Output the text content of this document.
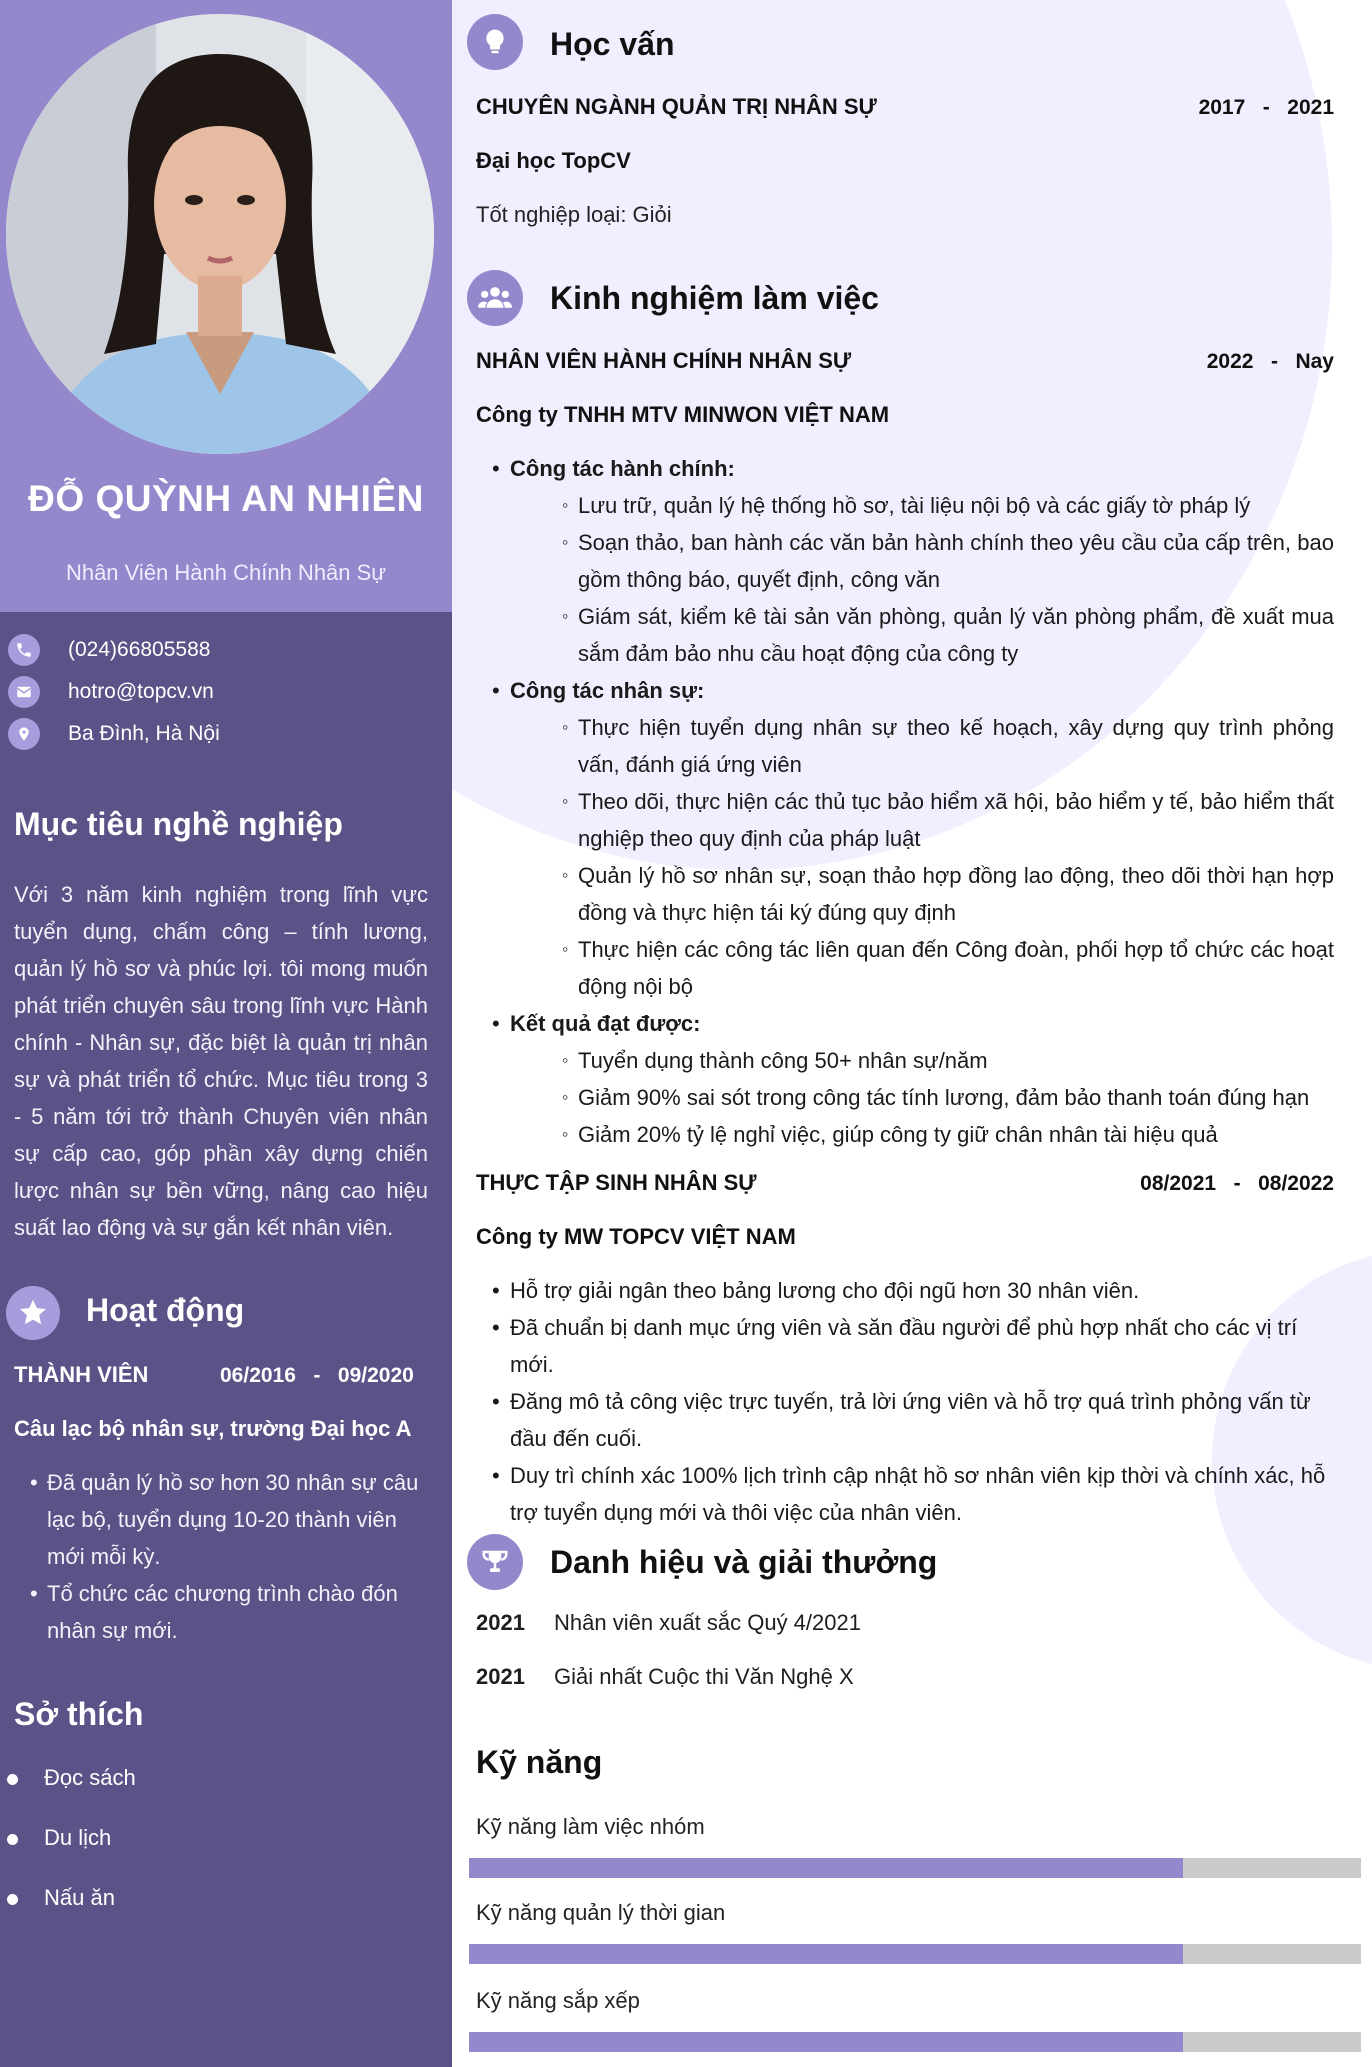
ĐỖ QUỲNH AN NHIÊN
Nhân Viên Hành Chính Nhân Sự
(024)66805588
hotro@topcv.vn
Ba Đình, Hà Nội
Mục tiêu nghề nghiệp

Với 3 năm kinh nghiệm trong lĩnh vực tuyển dụng, chấm công – tính lương, quản lý hồ sơ và phúc lợi. tôi mong muốn phát triển chuyên sâu trong lĩnh vực Hành chính - Nhân sự, đặc biệt là quản trị nhân sự và phát triển tổ chức. Mục tiêu trong 3 - 5 năm tới trở thành Chuyên viên nhân sự cấp cao, góp phần xây dựng chiến lược nhân sự bền vững, nâng cao hiệu suất lao động và sự gắn kết nhân viên.

Hoạt động
THÀNH VIÊN	06/2016   -   09/2020
Câu lạc bộ nhân sự, trường Đại học A
• Đã quản lý hồ sơ hơn 30 nhân sự câu lạc bộ, tuyển dụng 10-20 thành viên mới mỗi kỳ.
• Tổ chức các chương trình chào đón nhân sự mới.
Sở thích
Đọc sách
Du lịch
Nấu ăn
Học vấn
CHUYÊN NGÀNH QUẢN TRỊ NHÂN SỰ	2017   -   2021
Đại học TopCV
Tốt nghiệp loại: Giỏi
Kinh nghiệm làm việc
NHÂN VIÊN HÀNH CHÍNH NHÂN SỰ	2022   -   Nay
Công ty TNHH MTV MINWON VIỆT NAM
• Công tác hành chính:
◦ Lưu trữ, quản lý hệ thống hồ sơ, tài liệu nội bộ và các giấy tờ pháp lý
◦ Soạn thảo, ban hành các văn bản hành chính theo yêu cầu của cấp trên, bao gồm thông báo, quyết định, công văn
◦ Giám sát, kiểm kê tài sản văn phòng, quản lý văn phòng phẩm, đề xuất mua sắm đảm bảo nhu cầu hoạt động của công ty
• Công tác nhân sự:
◦ Thực hiện tuyển dụng nhân sự theo kế hoạch, xây dựng quy trình phỏng vấn, đánh giá ứng viên
◦ Theo dõi, thực hiện các thủ tục bảo hiểm xã hội, bảo hiểm y tế, bảo hiểm thất nghiệp theo quy định của pháp luật
◦ Quản lý hồ sơ nhân sự, soạn thảo hợp đồng lao động, theo dõi thời hạn hợp đồng và thực hiện tái ký đúng quy định
◦ Thực hiện các công tác liên quan đến Công đoàn, phối hợp tổ chức các hoạt động nội bộ
• Kết quả đạt được:
◦ Tuyển dụng thành công 50+ nhân sự/năm
◦ Giảm 90% sai sót trong công tác tính lương, đảm bảo thanh toán đúng hạn
◦ Giảm 20% tỷ lệ nghỉ việc, giúp công ty giữ chân nhân tài hiệu quả
THỰC TẬP SINH NHÂN SỰ	08/2021   -   08/2022
Công ty MW TOPCV VIỆT NAM
• Hỗ trợ giải ngân theo bảng lương cho đội ngũ hơn 30 nhân viên.
• Đã chuẩn bị danh mục ứng viên và săn đầu người để phù hợp nhất cho các vị trí mới.
• Đăng mô tả công việc trực tuyến, trả lời ứng viên và hỗ trợ quá trình phỏng vấn từ đầu đến cuối.
• Duy trì chính xác 100% lịch trình cập nhật hồ sơ nhân viên kịp thời và chính xác, hỗ trợ tuyển dụng mới và thôi việc của nhân viên.
Danh hiệu và giải thưởng
2021	Nhân viên xuất sắc Quý 4/2021
2021	Giải nhất Cuộc thi Văn Nghệ X
Kỹ năng
Kỹ năng làm việc nhóm
Kỹ năng quản lý thời gian
Kỹ năng sắp xếp
